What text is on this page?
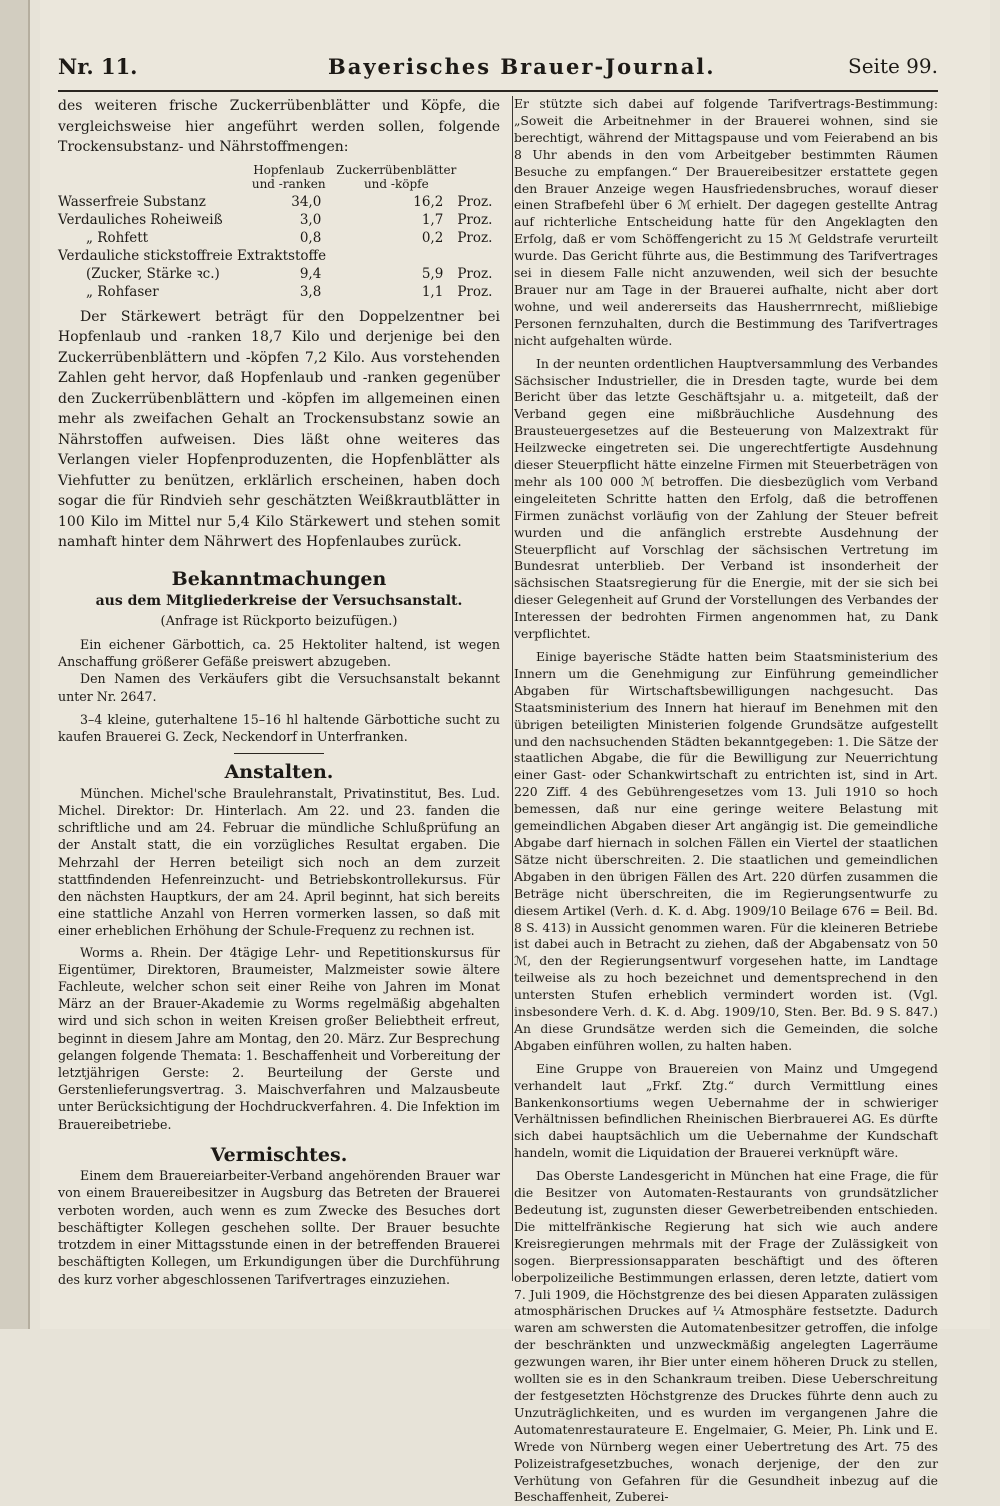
Nr. 11.	Bayerisches Brauer-Journal.	Seite 99.

des weiteren frische Zuckerrübenblätter und Köpfe, die vergleichsweise hier angeführt werden sollen, folgende Trockensubstanz- und Nährstoffmengen:

	Hopfenlaub und -ranken	Zuckerrübenblätter und -köpfe	
Wasserfreie Substanz	34,0	16,2	Proz.
Verdauliches Roheiweiß	3,0	1,7	Proz.
„ Rohfett	0,8	0,2	Proz.
Verdauliche stickstoffreie Extraktstoffe			
(Zucker, Stärke ꝛc.)	9,4	5,9	Proz.
„ Rohfaser	3,8	1,1	Proz.

Der Stärkewert beträgt für den Doppelzentner bei Hopfenlaub und -ranken 18,7 Kilo und derjenige bei den Zuckerrübenblättern und -köpfen 7,2 Kilo. Aus vorstehenden Zahlen geht hervor, daß Hopfenlaub und -ranken gegenüber den Zuckerrübenblättern und -köpfen im allgemeinen einen mehr als zweifachen Gehalt an Trockensubstanz sowie an Nährstoffen aufweisen. Dies läßt ohne weiteres das Verlangen vieler Hopfenproduzenten, die Hopfenblätter als Viehfutter zu benützen, erklärlich erscheinen, haben doch sogar die für Rindvieh sehr geschätzten Weißkrautblätter in 100 Kilo im Mittel nur 5,4 Kilo Stärkewert und stehen somit namhaft hinter dem Nährwert des Hopfenlaubes zurück.

Bekanntmachungen
aus dem Mitgliederkreise der Versuchsanstalt.
(Anfrage ist Rückporto beizufügen.)

Ein eichener Gärbottich, ca. 25 Hektoliter haltend, ist wegen Anschaffung größerer Gefäße preiswert abzugeben.

Den Namen des Verkäufers gibt die Versuchsanstalt bekannt unter Nr. 2647.

3–4 kleine, guterhaltene 15–16 hl haltende Gärbottiche sucht zu kaufen Brauerei G. Zeck, Neckendorf in Unterfranken.

Anstalten.

München. Michel'sche Braulehranstalt, Privatinstitut, Bes. Lud. Michel. Direktor: Dr. Hinterlach. Am 22. und 23. fanden die schriftliche und am 24. Februar die mündliche Schlußprüfung an der Anstalt statt, die ein vorzügliches Resultat ergaben. Die Mehrzahl der Herren beteiligt sich noch an dem zurzeit stattfindenden Hefenreinzucht- und Betriebskontrollekursus. Für den nächsten Hauptkurs, der am 24. April beginnt, hat sich bereits eine stattliche Anzahl von Herren vormerken lassen, so daß mit einer erheblichen Erhöhung der Schule-Frequenz zu rechnen ist.

Worms a. Rhein. Der 4tägige Lehr- und Repetitionskursus für Eigentümer, Direktoren, Braumeister, Malzmeister sowie ältere Fachleute, welcher schon seit einer Reihe von Jahren im Monat März an der Brauer-Akademie zu Worms regelmäßig abgehalten wird und sich schon in weiten Kreisen großer Beliebtheit erfreut, beginnt in diesem Jahre am Montag, den 20. März. Zur Besprechung gelangen folgende Themata: 1. Beschaffenheit und Vorbereitung der letztjährigen Gerste: 2. Beurteilung der Gerste und Gerstenlieferungsvertrag. 3. Maischverfahren und Malzausbeute unter Berücksichtigung der Hochdruckverfahren. 4. Die Infektion im Brauereibetriebe.

Vermischtes.

Einem dem Brauereiarbeiter-Verband angehörenden Brauer war von einem Brauereibesitzer in Augsburg das Betreten der Brauerei verboten worden, auch wenn es zum Zwecke des Besuches dort beschäftigter Kollegen geschehen sollte. Der Brauer besuchte trotzdem in einer Mittagsstunde einen in der betreffenden Brauerei beschäftigten Kollegen, um Erkundigungen über die Durchführung des kurz vorher abgeschlossenen Tarifvertrages einzuziehen.

Er stützte sich dabei auf folgende Tarifvertrags-Bestimmung: „Soweit die Arbeitnehmer in der Brauerei wohnen, sind sie berechtigt, während der Mittagspause und vom Feierabend an bis 8 Uhr abends in den vom Arbeitgeber bestimmten Räumen Besuche zu empfangen.“ Der Brauereibesitzer erstattete gegen den Brauer Anzeige wegen Hausfriedensbruches, worauf dieser einen Strafbefehl über 6 ℳ erhielt. Der dagegen gestellte Antrag auf richterliche Entscheidung hatte für den Angeklagten den Erfolg, daß er vom Schöffengericht zu 15 ℳ Geldstrafe verurteilt wurde. Das Gericht führte aus, die Bestimmung des Tarifvertrages sei in diesem Falle nicht anzuwenden, weil sich der besuchte Brauer nur am Tage in der Brauerei aufhalte, nicht aber dort wohne, und weil andererseits das Hausherrnrecht, mißliebige Personen fernzuhalten, durch die Bestimmung des Tarifvertrages nicht aufgehalten würde.

In der neunten ordentlichen Hauptversammlung des Verbandes Sächsischer Industrieller, die in Dresden tagte, wurde bei dem Bericht über das letzte Geschäftsjahr u. a. mitgeteilt, daß der Verband gegen eine mißbräuchliche Ausdehnung des Brausteuergesetzes auf die Besteuerung von Malzextrakt für Heilzwecke eingetreten sei. Die ungerechtfertigte Ausdehnung dieser Steuerpflicht hätte einzelne Firmen mit Steuerbeträgen von mehr als 100 000 ℳ betroffen. Die diesbezüglich vom Verband eingeleiteten Schritte hatten den Erfolg, daß die betroffenen Firmen zunächst vorläufig von der Zahlung der Steuer befreit wurden und die anfänglich erstrebte Ausdehnung der Steuerpflicht auf Vorschlag der sächsischen Vertretung im Bundesrat unterblieb. Der Verband ist insonderheit der sächsischen Staatsregierung für die Energie, mit der sie sich bei dieser Gelegenheit auf Grund der Vorstellungen des Verbandes der Interessen der bedrohten Firmen angenommen hat, zu Dank verpflichtet.

Einige bayerische Städte hatten beim Staatsministerium des Innern um die Genehmigung zur Einführung gemeindlicher Abgaben für Wirtschaftsbewilligungen nachgesucht. Das Staatsministerium des Innern hat hierauf im Benehmen mit den übrigen beteiligten Ministerien folgende Grundsätze aufgestellt und den nachsuchenden Städten bekanntgegeben: 1. Die Sätze der staatlichen Abgabe, die für die Bewilligung zur Neuerrichtung einer Gast- oder Schankwirtschaft zu entrichten ist, sind in Art. 220 Ziff. 4 des Gebührengesetzes vom 13. Juli 1910 so hoch bemessen, daß nur eine geringe weitere Belastung mit gemeindlichen Abgaben dieser Art angängig ist. Die gemeindliche Abgabe darf hiernach in solchen Fällen ein Viertel der staatlichen Sätze nicht überschreiten. 2. Die staatlichen und gemeindlichen Abgaben in den übrigen Fällen des Art. 220 dürfen zusammen die Beträge nicht überschreiten, die im Regierungsentwurfe zu diesem Artikel (Verh. d. K. d. Abg. 1909/10 Beilage 676 = Beil. Bd. 8 S. 413) in Aussicht genommen waren. Für die kleineren Betriebe ist dabei auch in Betracht zu ziehen, daß der Abgabensatz von 50 ℳ, den der Regierungsentwurf vorgesehen hatte, im Landtage teilweise als zu hoch bezeichnet und dementsprechend in den untersten Stufen erheblich vermindert worden ist. (Vgl. insbesondere Verh. d. K. d. Abg. 1909/10, Sten. Ber. Bd. 9 S. 847.) An diese Grundsätze werden sich die Gemeinden, die solche Abgaben einführen wollen, zu halten haben.

Eine Gruppe von Brauereien von Mainz und Umgegend verhandelt laut „Frkf. Ztg.“ durch Vermittlung eines Bankenkonsortiums wegen Uebernahme der in schwieriger Verhältnissen befindlichen Rheinischen Bierbrauerei AG. Es dürfte sich dabei hauptsächlich um die Uebernahme der Kundschaft handeln, womit die Liquidation der Brauerei verknüpft wäre.

Das Oberste Landesgericht in München hat eine Frage, die für die Besitzer von Automaten-Restaurants von grundsätzlicher Bedeutung ist, zugunsten dieser Gewerbetreibenden entschieden. Die mittelfränkische Regierung hat sich wie auch andere Kreisregierungen mehrmals mit der Frage der Zulässigkeit von sogen. Bierpressionsapparaten beschäftigt und des öfteren oberpolizeiliche Bestimmungen erlassen, deren letzte, datiert vom 7. Juli 1909, die Höchstgrenze des bei diesen Apparaten zulässigen atmosphärischen Druckes auf ¼ Atmosphäre festsetzte. Dadurch waren am schwersten die Automatenbesitzer getroffen, die infolge der beschränkten und unzweckmäßig angelegten Lagerräume gezwungen waren, ihr Bier unter einem höheren Druck zu stellen, wollten sie es in den Schankraum treiben. Diese Ueberschreitung der festgesetzten Höchstgrenze des Druckes führte denn auch zu Unzuträglichkeiten, und es wurden im vergangenen Jahre die Automatenrestaurateure E. Engelmaier, G. Meier, Ph. Link und E. Wrede von Nürnberg wegen einer Uebertretung des Art. 75 des Polizeistrafgesetzbuches, wonach derjenige, der den zur Verhütung von Gefahren für die Gesundheit inbezug auf die Beschaffenheit, Zuberei-
